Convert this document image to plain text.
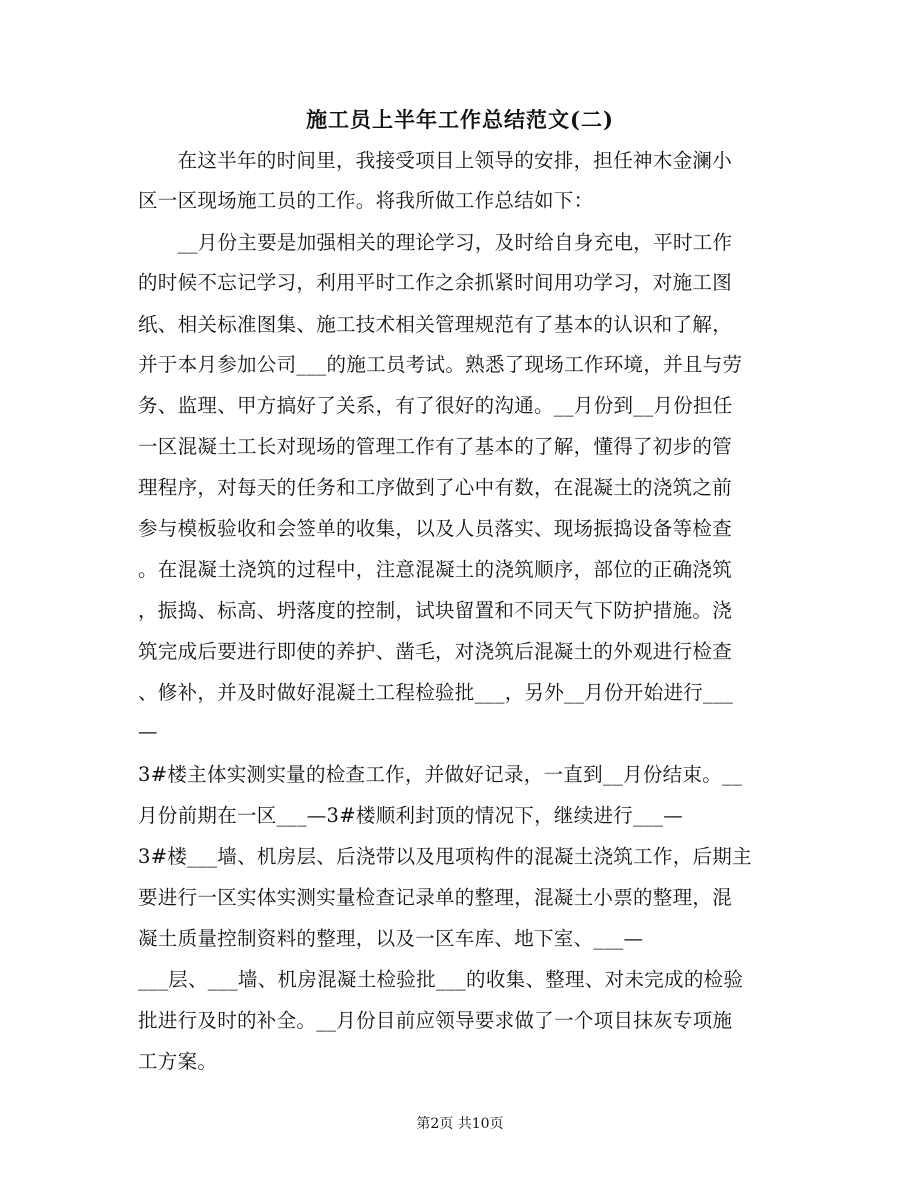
施工员上半年工作总结范文(二)
　　在这半年的时间里，我接受项目上领导的安排，担任神木金澜小
区一区现场施工员的工作。将我所做工作总结如下：
　　__月份主要是加强相关的理论学习，及时给自身充电，平时工作
的时候不忘记学习，利用平时工作之余抓紧时间用功学习，对施工图
纸、相关标准图集、施工技术相关管理规范有了基本的认识和了解，
并于本月参加公司___的施工员考试。熟悉了现场工作环境，并且与劳
务、监理、甲方搞好了关系，有了很好的沟通。__月份到__月份担任
一区混凝土工长对现场的管理工作有了基本的了解，懂得了初步的管
理程序，对每天的任务和工序做到了心中有数，在混凝土的浇筑之前
参与模板验收和会签单的收集，以及人员落实、现场振捣设备等检查
。在混凝土浇筑的过程中，注意混凝土的浇筑顺序，部位的正确浇筑
，振捣、标高、坍落度的控制，试块留置和不同天气下防护措施。浇
筑完成后要进行即使的养护、凿毛，对浇筑后混凝土的外观进行检查
、修补，并及时做好混凝土工程检验批___，另外__月份开始进行___
—
3#楼主体实测实量的检查工作，并做好记录，一直到__月份结束。__
月份前期在一区___—3#楼顺利封顶的情况下，继续进行___—
3#楼___墙、机房层、后浇带以及甩项构件的混凝土浇筑工作，后期主
要进行一区实体实测实量检查记录单的整理，混凝土小票的整理，混
凝土质量控制资料的整理，以及一区车库、地下室、___—
___层、___墙、机房混凝土检验批___的收集、整理、对未完成的检验
批进行及时的补全。__月份目前应领导要求做了一个项目抹灰专项施
工方案。
第2页 共10页
